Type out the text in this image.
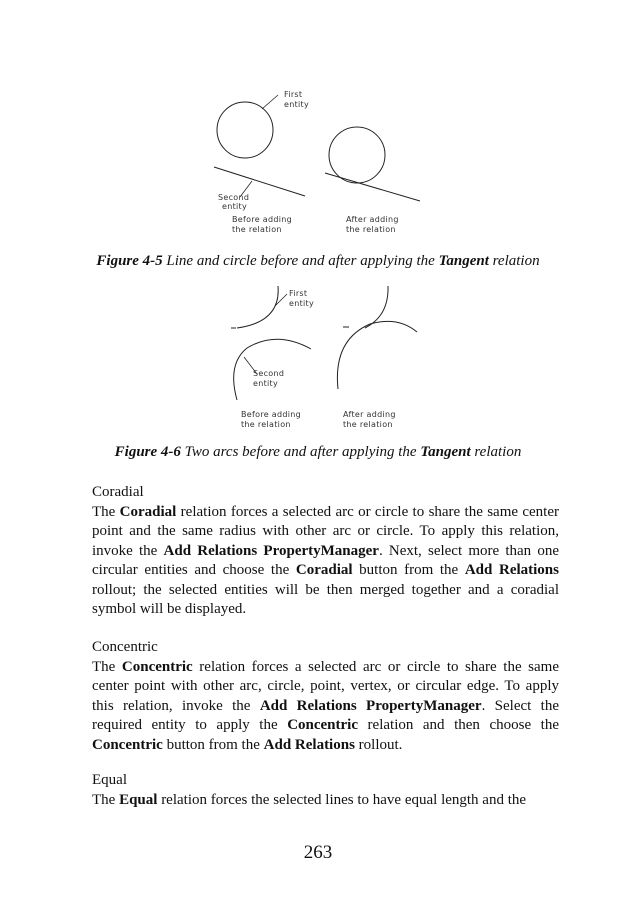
First
entity
Second
entity
Before adding
the relation
After adding
the relation
Figure 4-5 Line and circle before and after applying the Tangent relation
First
entity
Second
entity
Before adding
the relation
After adding
the relation
Figure 4-6 Two arcs before and after applying the Tangent relation
Coradial
The Coradial relation forces a selected arc or circle to share the same center point and the same radius with other arc or circle. To apply this relation, invoke the Add Relations PropertyManager. Next, select more than one circular entities and choose the Coradial button from the Add Relations rollout; the selected entities will be then merged together and a coradial symbol will be displayed.
Concentric
The Concentric relation forces a selected arc or circle to share the same center point with other arc, circle, point, vertex, or circular edge. To apply this relation, invoke the Add Relations PropertyManager. Select the required entity to apply the Concentric relation and then choose the Concentric button from the Add Relations rollout.
Equal
The Equal relation forces the selected lines to have equal length and the
263
